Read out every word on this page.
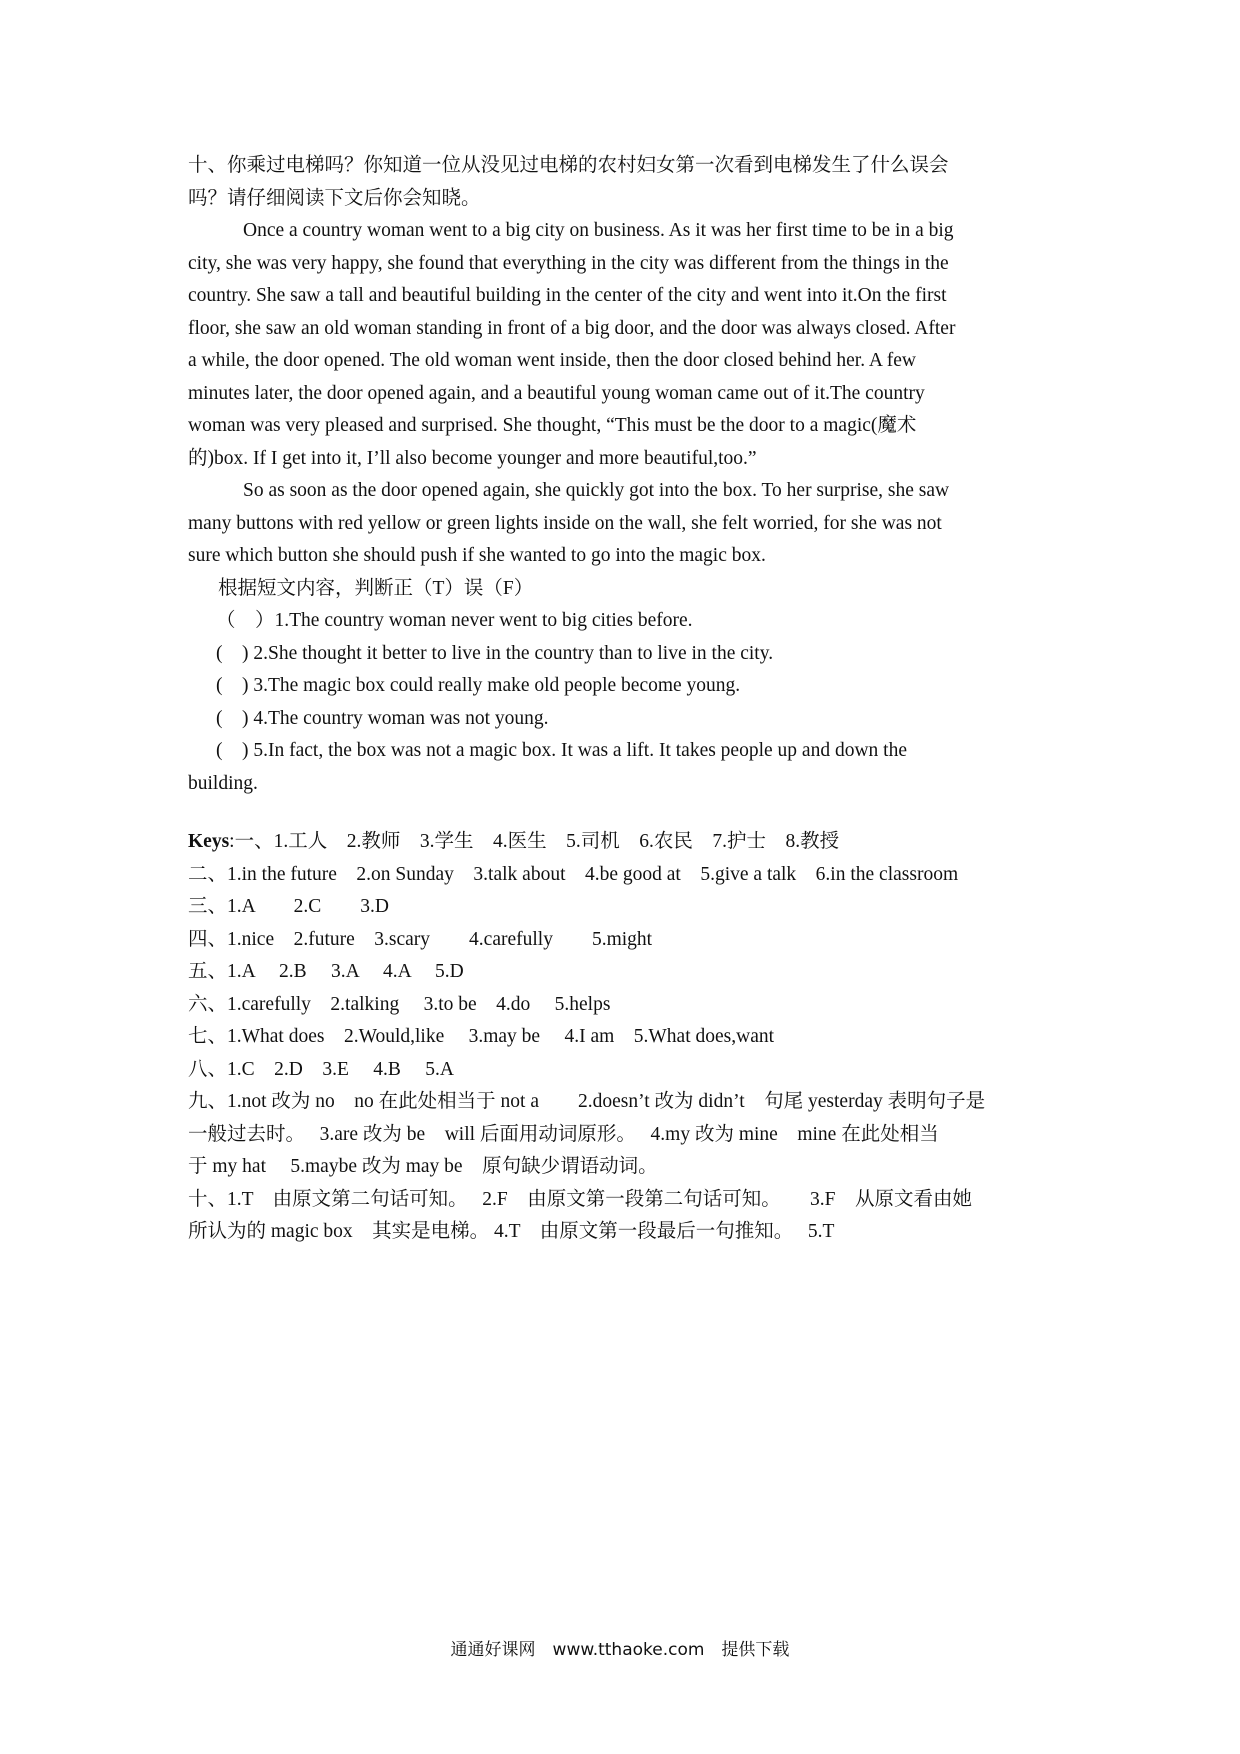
十、你乘过电梯吗？你知道一位从没见过电梯的农村妇女第一次看到电梯发生了什么误会
吗？请仔细阅读下文后你会知晓。
Once a country woman went to a big city on business. As it was her first time to be in a big
city, she was very happy, she found that everything in the city was different from the things in the
country. She saw a tall and beautiful building in the center of the city and went into it.On the first
floor, she saw an old woman standing in front of a big door, and the door was always closed. After
a while, the door opened. The old woman went inside, then the door closed behind her. A few
minutes later, the door opened again, and a beautiful young woman came out of it.The country
woman was very pleased and surprised. She thought, “This must be the door to a magic(魔术
的)box. If I get into it, I’ll also become younger and more beautiful,too.”
So as soon as the door opened again, she quickly got into the box. To her surprise, she saw
many buttons with red yellow or green lights inside on the wall, she felt worried, for she was not
sure which button she should push if she wanted to go into the magic box.
根据短文内容，判断正（T）误（F）
（　）1.The country woman never went to big cities before.
(　) 2.She thought it better to live in the country than to live in the city.
(　) 3.The magic box could really make old people become young.
(　) 4.The country woman was not young.
(　) 5.In fact, the box was not a magic box. It was a lift. It takes people up and down the
building.
Keys:一、1.工人　2.教师　3.学生　4.医生　5.司机　6.农民　7.护士　8.教授
二、1.in the future　2.on Sunday　3.talk about　4.be good at　5.give a talk　6.in the classroom
三、1.A　　2.C　　3.D
四、1.nice　2.future　3.scary　　4.carefully　　5.might
五、1.A　 2.B　 3.A　 4.A　 5.D
六、1.carefully　2.talking　 3.to be　4.do　 5.helps
七、1.What does　2.Would,like　 3.may be　 4.I am　5.What does,want
八、1.C　2.D　3.E　 4.B　 5.A
九、1.not 改为 no　no 在此处相当于 not a　　2.doesn’t 改为 didn’t　句尾 yesterday 表明句子是
一般过去时。　 3.are 改为 be　will 后面用动词原形。　 4.my 改为 mine　mine 在此处相当
于 my hat　 5.maybe 改为 may be　原句缺少谓语动词。
十、1.T　由原文第二句话可知。　 2.F　由原文第一段第二句话可知。　　3.F　从原文看由她
所认为的 magic box　其实是电梯。 4.T　由原文第一段最后一句推知。　 5.T
通通好课网　www.tthaoke.com　提供下载
